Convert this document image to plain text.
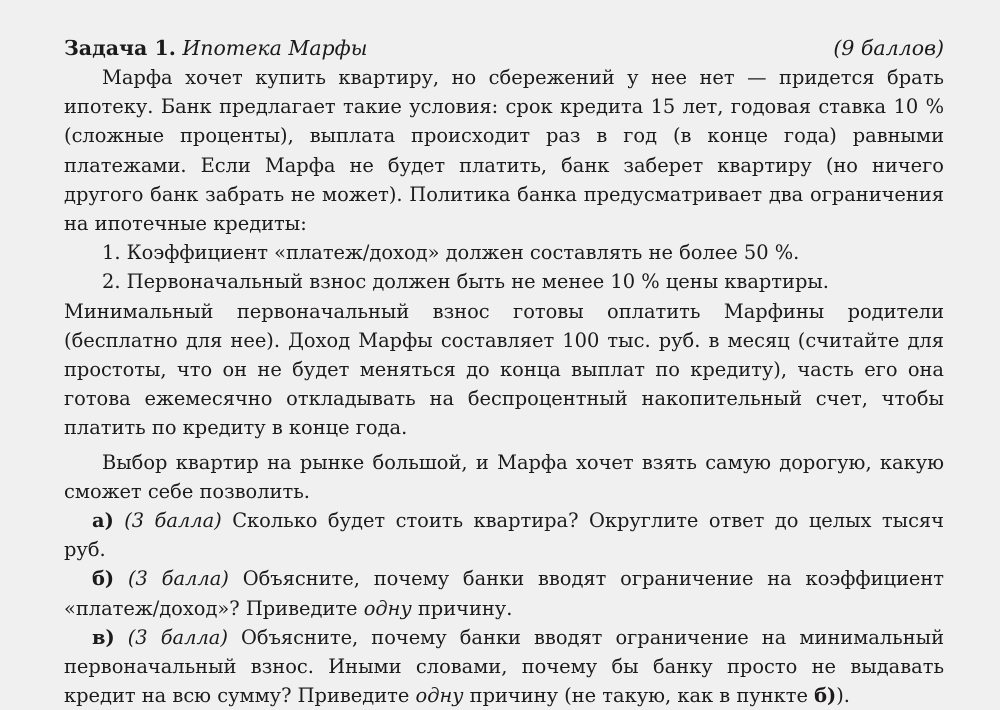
Задача 1. Ипотека Марфы	(9 баллов)

Марфа хочет купить квартиру, но сбережений у нее нет — придется брать ипотеку. Банк предлагает такие условия: срок кредита 15 лет, годовая ставка 10 % (сложные проценты), выплата происходит раз в год (в конце года) равными платежами. Если Марфа не будет платить, банк заберет квартиру (но ничего другого банк забрать не может). Политика банка предусматривает два ограничения на ипотечные кредиты:

1. Коэффициент «платеж/доход» должен составлять не более 50 %.

2. Первоначальный взнос должен быть не менее 10 % цены квартиры.

Минимальный первоначальный взнос готовы оплатить Марфины родители (бесплатно для нее). Доход Марфы составляет 100 тыс. руб. в месяц (считайте для простоты, что он не будет меняться до конца выплат по кредиту), часть его она готова ежемесячно откладывать на беспроцентный накопительный счет, чтобы платить по кредиту в конце года.

Выбор квартир на рынке большой, и Марфа хочет взять самую дорогую, какую сможет себе позволить.

а) (3 балла) Сколько будет стоить квартира? Округлите ответ до целых тысяч руб.

б) (3 балла) Объясните, почему банки вводят ограничение на коэффициент «платеж/доход»? Приведите одну причину.

в) (3 балла) Объясните, почему банки вводят ограничение на минимальный первоначальный взнос. Иными словами, почему бы банку просто не выдавать кредит на всю сумму? Приведите одну причину (не такую, как в пункте б)).
